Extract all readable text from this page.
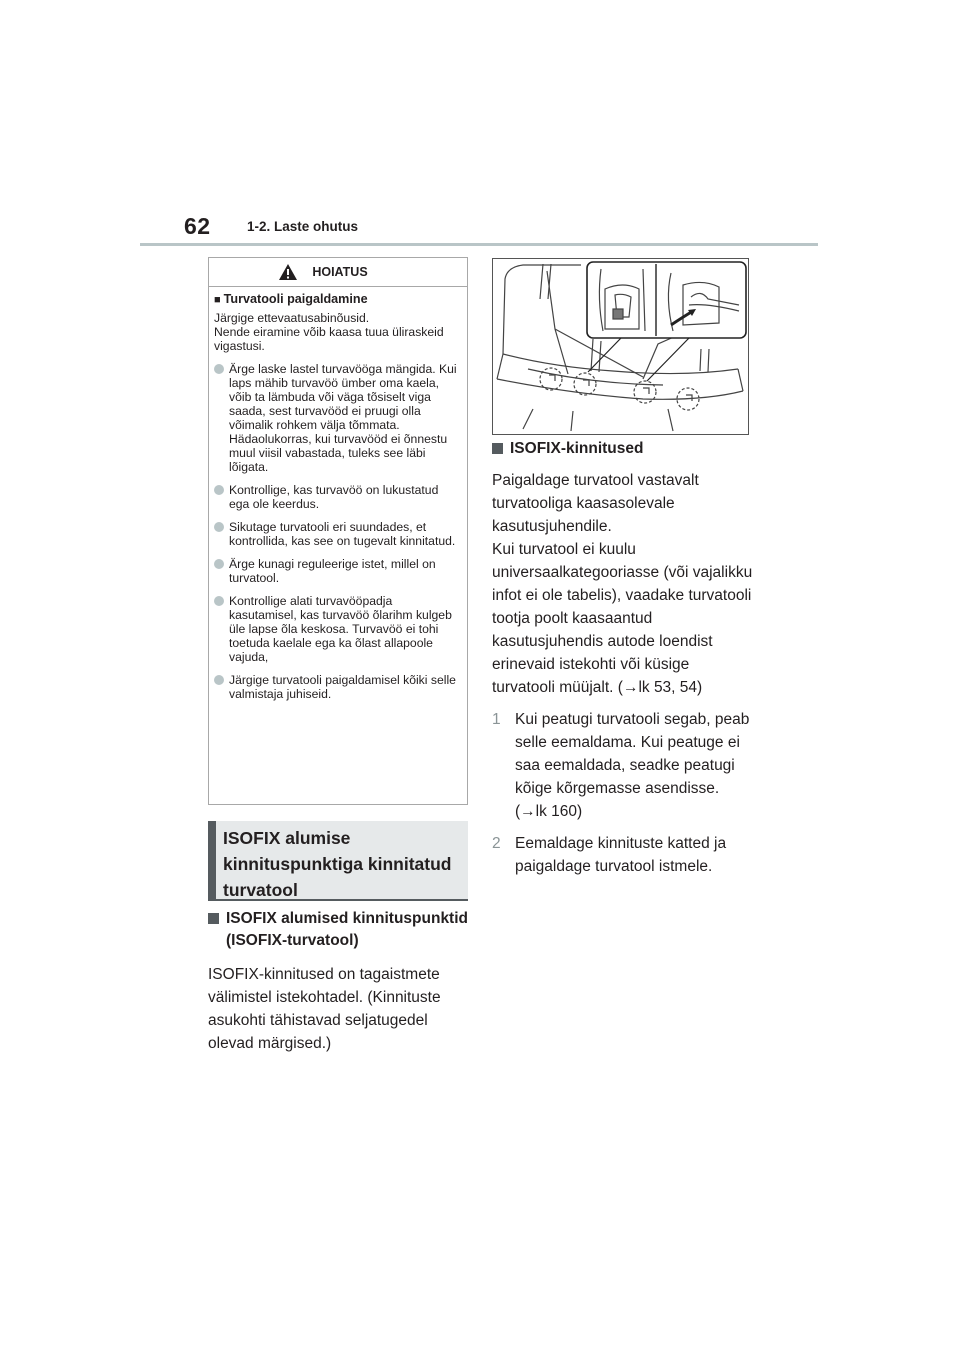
62	1-2. Laste ohutus
HOIATUS
■ Turvatooli paigaldamine
Järgige ettevaatusabinõusid.
Nende eiramine võib kaasa tuua üliraskeid vigastusi.
Ärge laske lastel turvavööga mängida. Kui laps mähib turvavöö ümber oma kaela, võib ta lämbuda või väga tõsiselt viga saada, sest turvavööd ei pruugi olla võimalik rohkem välja tõmmata. Hädaolukorras, kui turvavööd ei õnnestu muul viisil vabastada, tuleks see läbi lõigata.
Kontrollige, kas turvavöö on lukustatud ega ole keerdus.
Sikutage turvatooli eri suundades, et kontrollida, kas see on tugevalt kinnitatud.
Ärge kunagi reguleerige istet, millel on turvatool.
Kontrollige alati turvavööpadja kasutamisel, kas turvavöö õlarihm kulgeb üle lapse õla keskosa. Turvavöö ei tohi toetuda kaelale ega ka õlast allapoole vajuda,
Järgige turvatooli paigaldamisel kõiki selle valmistaja juhiseid.
ISOFIX alumise kinnituspunktiga kinnitatud turvatool
ISOFIX alumised kinnituspunktid (ISOFIX-turvatool)
ISOFIX-kinnitused on tagaistmete välimistel istekohtadel. (Kinnituste asukohti tähistavad seljatugedel olevad märgised.)
ISOFIX-kinnitused
Paigaldage turvatool vastavalt turvatooliga kaasasolevale kasutusjuhendile.
Kui turvatool ei kuulu universaalkategooriasse (või vajalikku infot ei ole tabelis), vaadake turvatooli tootja poolt kaasaantud kasutusjuhendis autode loendist erinevaid istekohti või küsige turvatooli müüjalt. (→lk 53, 54)
1 Kui peatugi turvatooli segab, peab selle eemaldama. Kui peatuge ei saa eemaldada, seadke peatugi kõige kõrgemasse asendisse. (→lk 160)
2 Eemaldage kinnituste katted ja paigaldage turvatool istmele.
